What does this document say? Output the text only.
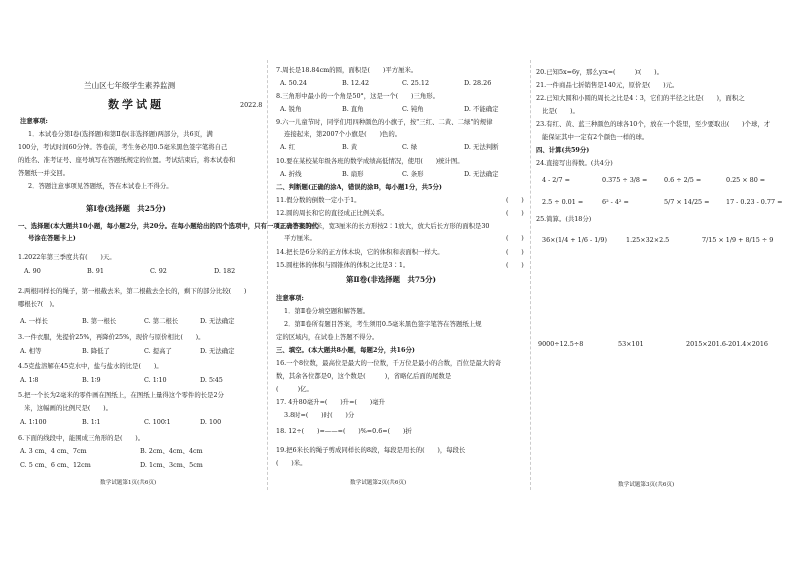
兰山区七年级学生素养监测
数学试题	2022.8
注意事项:
1．本试卷分第Ⅰ卷(选择题)和第Ⅱ卷(非选择题)两部分，共6页，满
100分，考试时间60分钟。答卷前，考生务必用0.5毫米黑色签字笔将自己
的姓名、准考证号、座号填写在答题纸规定的位置。考试结束后，将本试卷和
答题纸一并交回。
2．答题注意事项见答题纸，答在本试卷上不得分。
第Ⅰ卷(选择题　共25分)
一、选择题(本大题共10小题，每小题2分，共20分。在每小题给出的四个选项中，只有一项正确答案的代
号涂在答题卡上)
1.2022年第三季度共有(　　)天。
A. 90	B. 91	C. 92	D. 182
2.两根同样长的绳子，第一根截去米，第二根截去全长的，剩下的部分比较(　　)
哪根长?(　)。
A. 一样长	B. 第一根长	C. 第二根长	D. 无法确定
3.一件衣服，先提价25%，再降价25%，现价与原价相比(　　)。
A. 相等	B. 降低了	C. 提高了	D. 无法确定
4.5克盐溶解在45克水中，盐与盐水的比是(　　)。
A. 1∶8	B. 1∶9	C. 1∶10	D. 5∶45
5.把一个长为2毫米的零件画在图纸上，在图纸上量得这个零件的长是2分
米，这幅画的比例尺是(　　)。
A. 1∶100	B. 1∶1	C. 100∶1	D. 100
6.下面的线段中，能围成三角形的是(　　)。
A. 3 cm、4 cm、7cm	B. 2cm、4cm、4cm
C. 5 cm、6 cm、12cm	D. 1cm、3cm、5cm
数学试题第1页(共6页)
7.周长是18.84cm的圆，面积是(　　)平方厘米。
A. 50.24	B. 12.42	C. 25.12	D. 28.26
8.三角形中最小的一个角是50°，这是一个(　　)三角形。
A. 锐角	B. 直角	C. 钝角	D. 不能确定
9.六一儿童节时，同学们用四种颜色的小旗子，按"三红、二黄、二绿"的规律
连接起来，第2007个小旗是(　　)色的。
A. 红	B. 黄	C. 绿	D. 无法判断
10.要在某校某年级各班的数学成绩高低情况，使用(　　)统计图。
A. 折线	B. 扇形	C. 条形	D. 无法确定
二、判断题(正确的涂A，错误的涂B，每小题1分，共5分)
11.假分数的倒数一定小于1。	(　　)
12.圆的周长和它的直径成正比例关系。	(　　)
13.一个长5厘米，宽3厘米的长方形按2∶1放大，放大后长方形的面积是30
平方厘米。	(　　)
14.把长是6分米的正方体木块，它的体积和表面积一样大。	(　　)
15.圆柱体的体积与圆锥体的体积之比是3∶1。	(　　)
第Ⅱ卷(非选择题　共75分)
注意事项:
1．第Ⅱ卷分填空题和解答题。
2．第Ⅱ卷所有题目答案，考生须用0.5毫米黑色签字笔答在答题纸上规
定的区域内，在试卷上答题不得分。
三、填空。(本大题共8小题，每题2分，共16分)
16.一个8位数，最高位是最大的一位数，千万位是最小的合数，百位是最大的奇
数，其余各位都是0，这个数是(　　　)，省略亿后面的尾数是
(　　　)亿。
17. 4升80毫升=(　　)升=(　　)毫升
3.8时=(　　)时(　　)分
18. 12÷(　　)=——=(　　)%=0.6=(　　)折
19.把6米长的绳子剪成同样长的8段，每段是用长的(　　)，每段长
(　　)米。
数学试题第2页(共6页)
20.已知5x=6y，那么y∶x=(　　　)∶(　　)。
21.一件商品七折销售是140元，原价是(　　)元。
22.已知大圆和小圆的周长之比是4∶3，它们的半径之比是(　　)，面积之
比是(　　)。
23.有红、黄、蓝三种颜色的球各10个，放在一个袋里，至少要取出(　　)个球，才
能保证其中一定有2个颜色一样的球。
四、计算(共59分)
24.直接写出得数。(共4分)
4 - 2/7 =	0.375 ÷ 3/8 =	0.6 ÷ 2/5 =	0.25 × 80 =
2.5 ÷ 0.01 =	6² - 4² =	5/7 × 14/25 =	17 - 0.23 - 0.77 =
25.简算。(共18分)
36×(1/4 + 1/6 - 1/9)	1.25×32×2.5	7/15 × 1/9 + 8/15 ÷ 9
9000÷12.5÷8	53×101	2015×201.6-201.4×2016
数学试题第3页(共6页)
